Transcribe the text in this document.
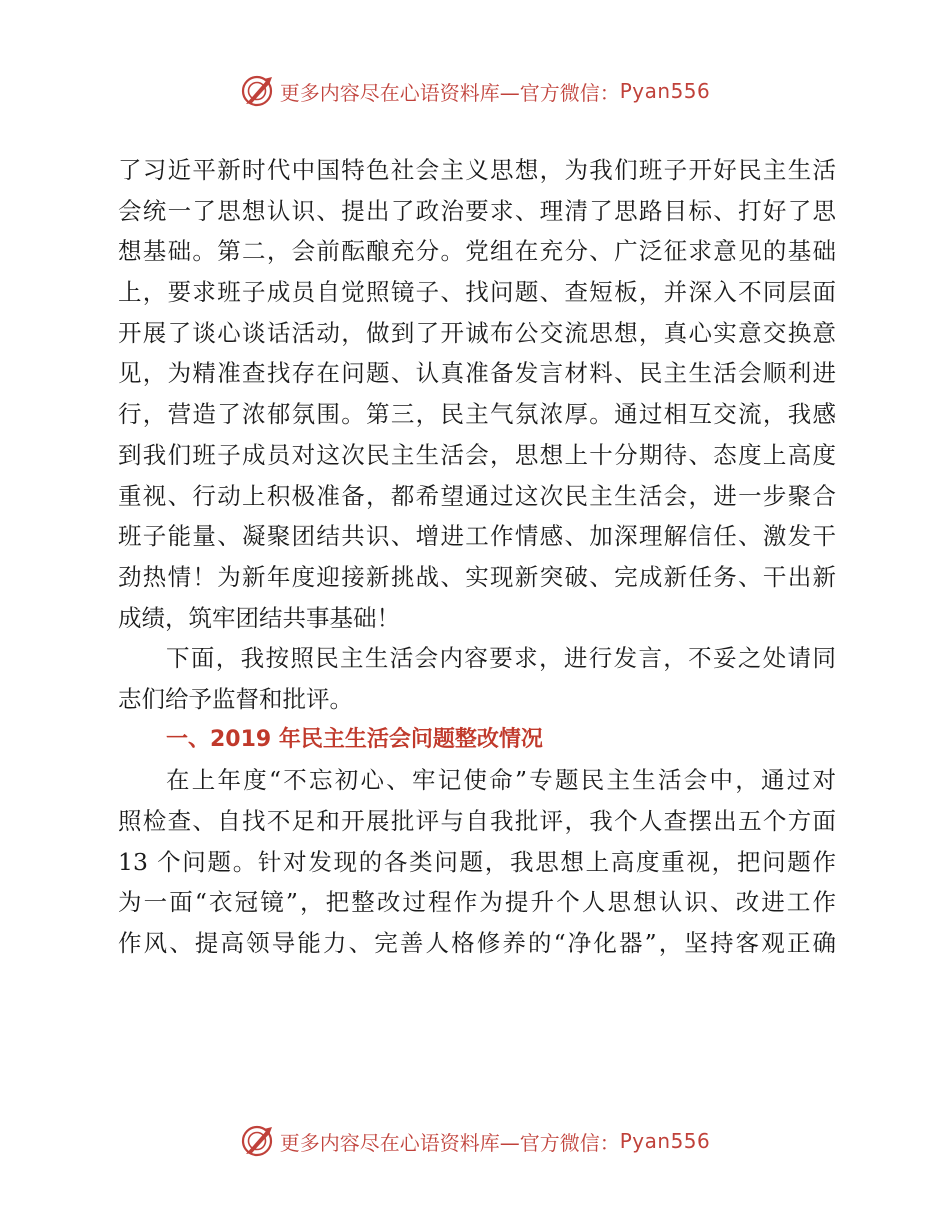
更多内容尽在心语资料库—官方微信： Pyan556
了习近平新时代中国特色社会主义思想，为我们班子开好民主生活
会统一了思想认识、提出了政治要求、理清了思路目标、打好了思
想基础。第二，会前酝酿充分。党组在充分、广泛征求意见的基础
上，要求班子成员自觉照镜子、找问题、查短板，并深入不同层面
开展了谈心谈话活动，做到了开诚布公交流思想，真心实意交换意
见，为精准查找存在问题、认真准备发言材料、民主生活会顺利进
行，营造了浓郁氛围。第三，民主气氛浓厚。通过相互交流，我感
到我们班子成员对这次民主生活会，思想上十分期待、态度上高度
重视、行动上积极准备，都希望通过这次民主生活会，进一步聚合
班子能量、凝聚团结共识、增进工作情感、加深理解信任、激发干
劲热情！为新年度迎接新挑战、实现新突破、完成新任务、干出新
成绩，筑牢团结共事基础！
下面，我按照民主生活会内容要求，进行发言，不妥之处请同
志们给予监督和批评。
一、2019 年民主生活会问题整改情况
在上年度“不忘初心、牢记使命”专题民主生活会中，通过对
照检查、自找不足和开展批评与自我批评，我个人查摆出五个方面
13 个问题。针对发现的各类问题，我思想上高度重视，把问题作
为一面“衣冠镜”，把整改过程作为提升个人思想认识、改进工作
作风、提高领导能力、完善人格修养的“净化器”，坚持客观正确
更多内容尽在心语资料库—官方微信： Pyan556
